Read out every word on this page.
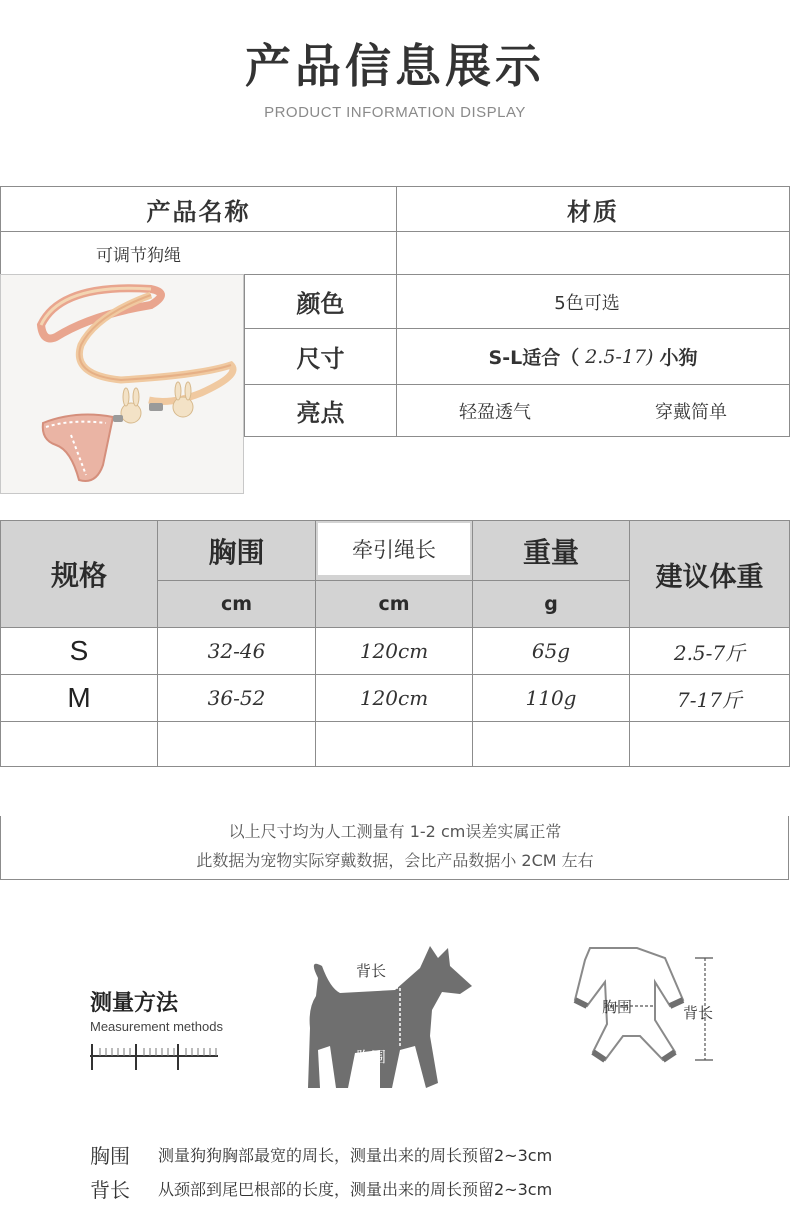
产品信息展示
PRODUCT INFORMATION DISPLAY
产品名称	材质
可调节狗绳
颜色	5色可选
尺寸	S-L适合（ 2.5-17) 小狗
亮点	轻盈透气	穿戴简单
规格
胸围	牵引绳长	重量
建议体重
cm	cm	g
S	32-46	120cm	65g	2.5-7斤
M	36-52	120cm	110g	7-17斤
以上尺寸均为人工测量有 1-2 cm误差实属正常
此数据为宠物实际穿戴数据，会比产品数据小 2CM 左右
测量方法
Measurement methods
背长
胸围
胸围	背长
胸围 测量狗狗胸部最宽的周长，测量出来的周长预留2~3cm
背长 从颈部到尾巴根部的长度，测量出来的周长预留2~3cm
